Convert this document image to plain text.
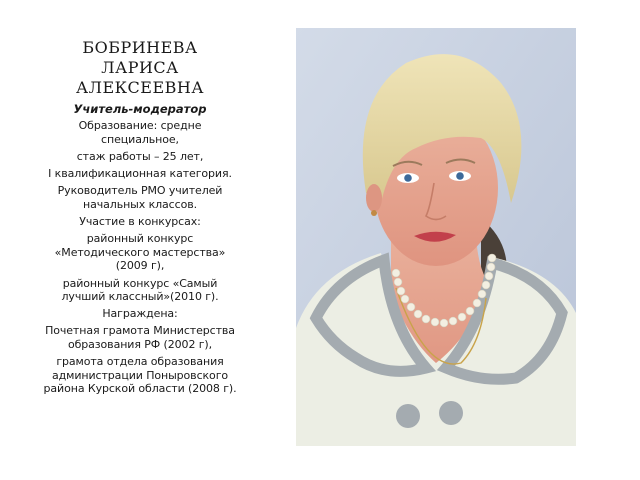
БОБРИНЕВА
ЛАРИСА
АЛЕКСЕЕВНА
Учитель-модератор

Образование: средне
специальное,

стаж работы – 25 лет,

I квалификационная категория.

Руководитель РМО учителей
начальных классов.

Участие в конкурсах:

районный конкурс
«Методического мастерства»
(2009 г),

районный конкурс «Самый
лучший классный»(2010 г).

Награждена:

Почетная грамота Министерства
образования РФ (2002 г),

грамота отдела образования
администрации Поныровского
района Курской области (2008 г).
